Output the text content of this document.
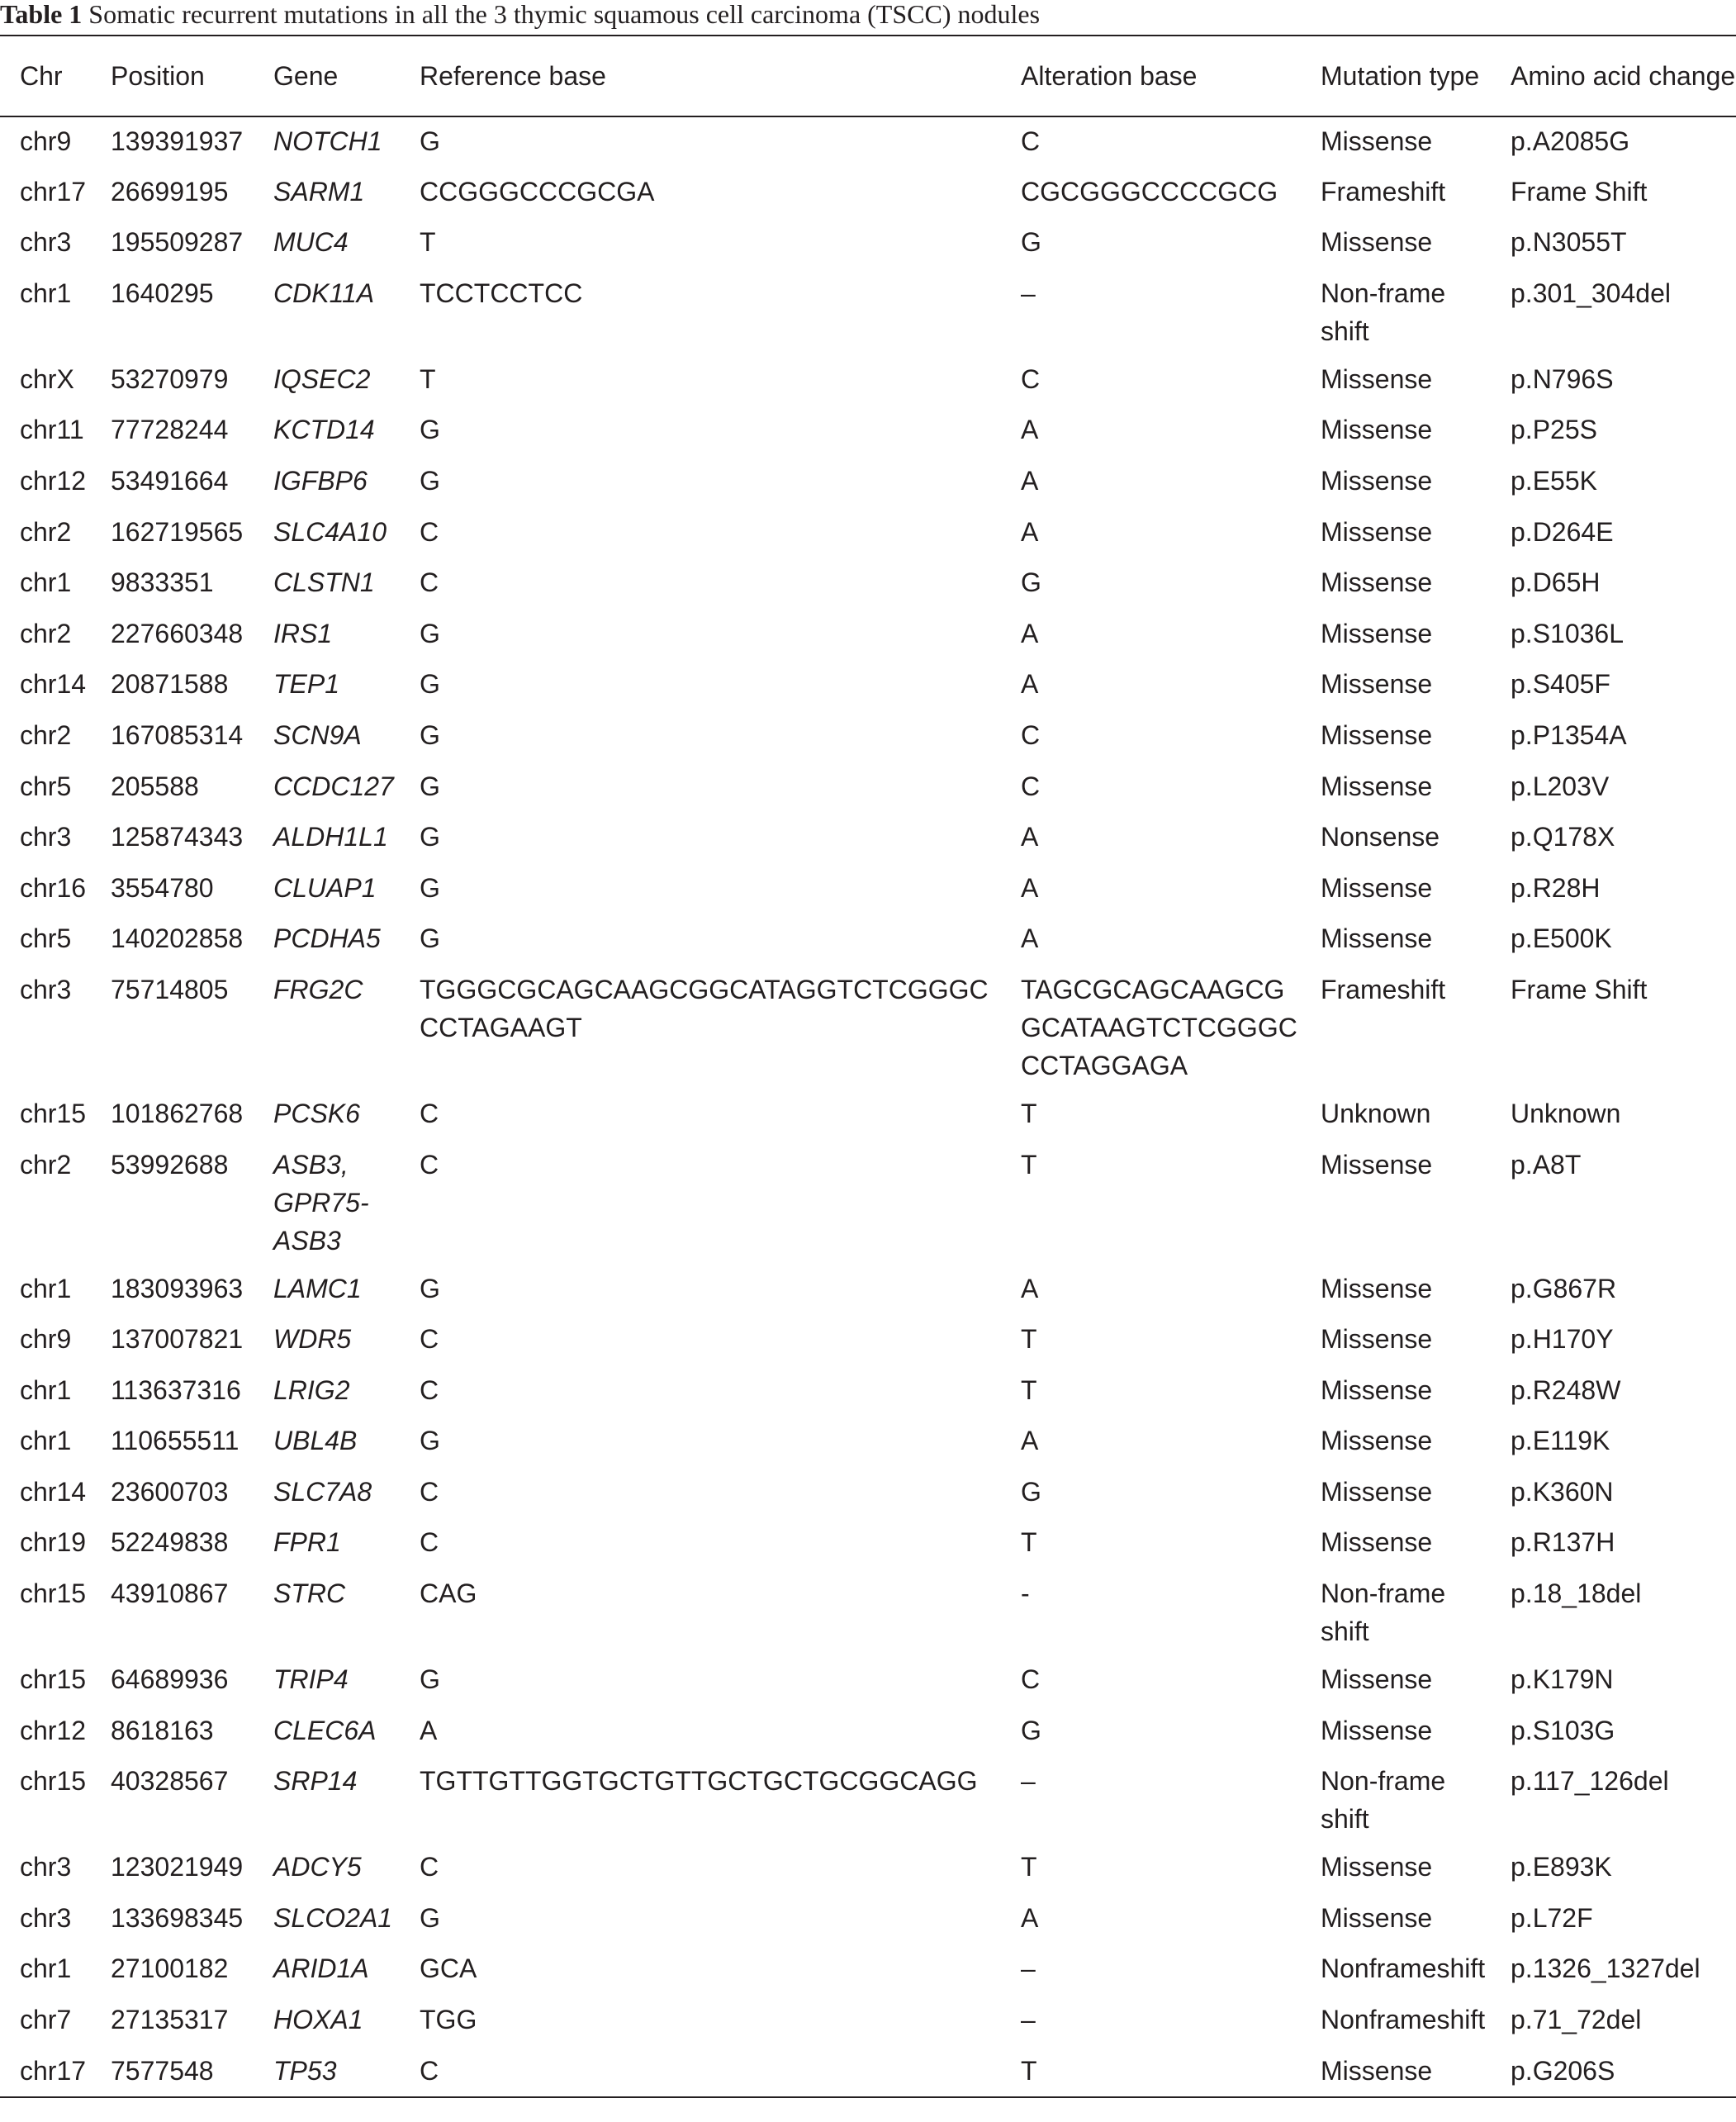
Table 1 Somatic recurrent mutations in all the 3 thymic squamous cell carcinoma (TSCC) nodules
Chr	Position	Gene	Reference base	Alteration base	Mutation type	Amino acid change
chr9	139391937	NOTCH1	G	C	Missense	p.A2085G
chr17	26699195	SARM1	CCGGGCCCGCGA	CGCGGGCCCCGCG	Frameshift	Frame Shift
chr3	195509287	MUC4	T	G	Missense	p.N3055T
chr1	1640295	CDK11A	TCCTCCTCC	–	Non-frame shift	p.301_304del
chrX	53270979	IQSEC2	T	C	Missense	p.N796S
chr11	77728244	KCTD14	G	A	Missense	p.P25S
chr12	53491664	IGFBP6	G	A	Missense	p.E55K
chr2	162719565	SLC4A10	C	A	Missense	p.D264E
chr1	9833351	CLSTN1	C	G	Missense	p.D65H
chr2	227660348	IRS1	G	A	Missense	p.S1036L
chr14	20871588	TEP1	G	A	Missense	p.S405F
chr2	167085314	SCN9A	G	C	Missense	p.P1354A
chr5	205588	CCDC127	G	C	Missense	p.L203V
chr3	125874343	ALDH1L1	G	A	Nonsense	p.Q178X
chr16	3554780	CLUAP1	G	A	Missense	p.R28H
chr5	140202858	PCDHA5	G	A	Missense	p.E500K
chr3	75714805	FRG2C	TGGGCGCAGCAAGCGGCATAGGTCTCGGGCCCTAGAAGT	TAGCGCAGCAAGCGGCATAAGTCTCGGGCCCTAGGAGA	Frameshift	Frame Shift
chr15	101862768	PCSK6	C	T	Unknown	Unknown
chr2	53992688	ASB3, GPR75-ASB3	C	T	Missense	p.A8T
chr1	183093963	LAMC1	G	A	Missense	p.G867R
chr9	137007821	WDR5	C	T	Missense	p.H170Y
chr1	113637316	LRIG2	C	T	Missense	p.R248W
chr1	110655511	UBL4B	G	A	Missense	p.E119K
chr14	23600703	SLC7A8	C	G	Missense	p.K360N
chr19	52249838	FPR1	C	T	Missense	p.R137H
chr15	43910867	STRC	CAG	-	Non-frame shift	p.18_18del
chr15	64689936	TRIP4	G	C	Missense	p.K179N
chr12	8618163	CLEC6A	A	G	Missense	p.S103G
chr15	40328567	SRP14	TGTTGTTGGTGCTGTTGCTGCTGCGGCAGG	–	Non-frame shift	p.117_126del
chr3	123021949	ADCY5	C	T	Missense	p.E893K
chr3	133698345	SLCO2A1	G	A	Missense	p.L72F
chr1	27100182	ARID1A	GCA	–	Nonframeshift	p.1326_1327del
chr7	27135317	HOXA1	TGG	–	Nonframeshift	p.71_72del
chr17	7577548	TP53	C	T	Missense	p.G206S
